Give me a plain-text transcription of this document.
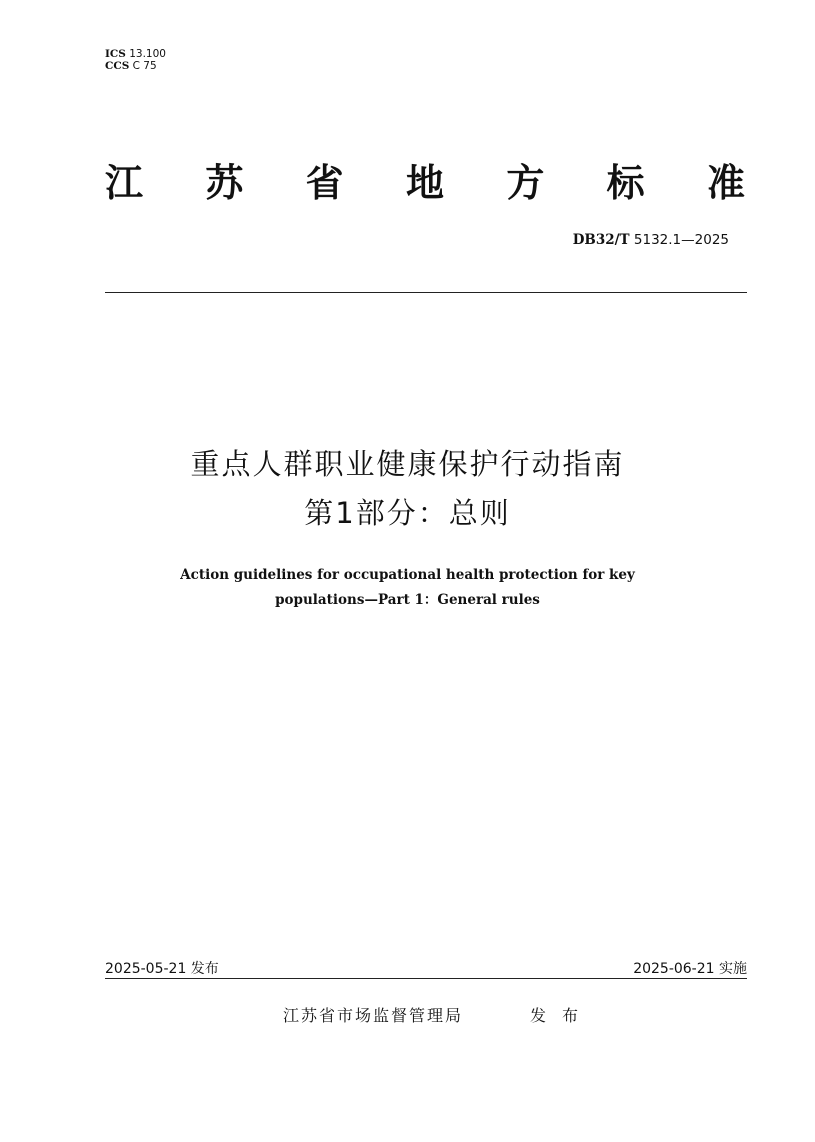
ICS 13.100
CCS C 75
江 苏 省 地 方 标 准
DB32/T 5132.1—2025
重点人群职业健康保护行动指南
第1部分：总则
Action guidelines for occupational health protection for key
populations—Part 1：General rules
2025-05-21 发布	2025-06-21 实施
江苏省市场监督管理局	发布
